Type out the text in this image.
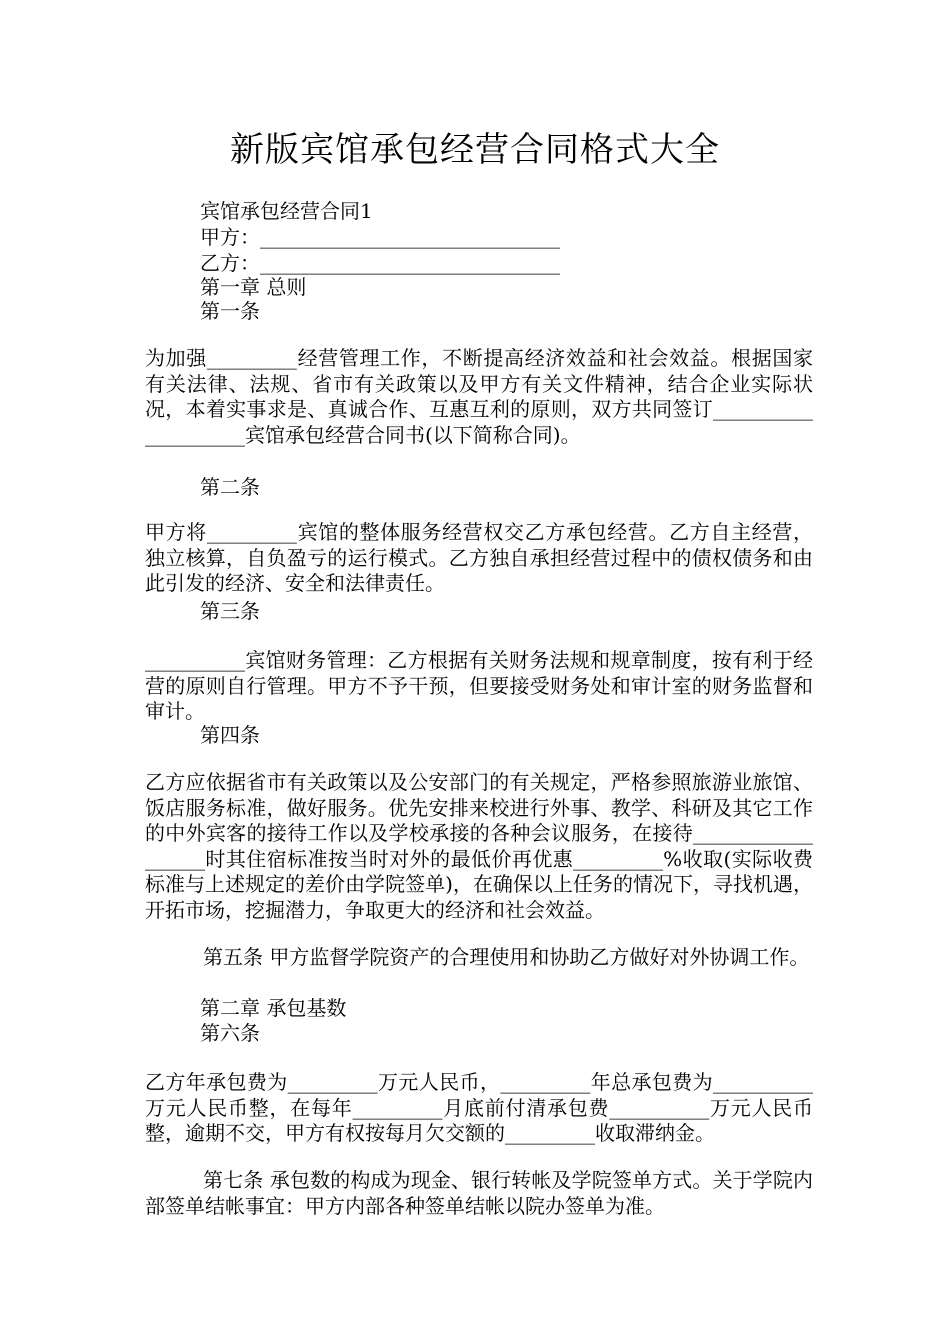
新版宾馆承包经营合同格式大全
宾馆承包经营合同1
甲方：______________________________
乙方：______________________________
第一章 总则
第一条
为加强_________经营管理工作，不断提高经济效益和社会效益。根据国家有关法律、法规、省市有关政策以及甲方有关文件精神，结合企业实际状况，本着实事求是、真诚合作、互惠互利的原则，双方共同签订____________________宾馆承包经营合同书(以下简称合同)。
第二条
甲方将_________宾馆的整体服务经营权交乙方承包经营。乙方自主经营，独立核算，自负盈亏的运行模式。乙方独自承担经营过程中的债权债务和由此引发的经济、安全和法律责任。
第三条
__________宾馆财务管理：乙方根据有关财务法规和规章制度，按有利于经营的原则自行管理。甲方不予干预，但要接受财务处和审计室的财务监督和审计。
第四条
乙方应依据省市有关政策以及公安部门的有关规定，严格参照旅游业旅馆、饭店服务标准，做好服务。优先安排来校进行外事、教学、科研及其它工作的中外宾客的接待工作以及学校承接的各种会议服务，在接待__________________时其住宿标准按当时对外的最低价再优惠_________%收取(实际收费标准与上述规定的差价由学院签单)，在确保以上任务的情况下，寻找机遇，开拓市场，挖掘潜力，争取更大的经济和社会效益。
第五条 甲方监督学院资产的合理使用和协助乙方做好对外协调工作。
第二章 承包基数
第六条
乙方年承包费为_________万元人民币，_________年总承包费为__________万元人民币整，在每年_________月底前付清承包费__________万元人民币整，逾期不交，甲方有权按每月欠交额的_________收取滞纳金。
第七条 承包数的构成为现金、银行转帐及学院签单方式。关于学院内部签单结帐事宜：甲方内部各种签单结帐以院办签单为准。
